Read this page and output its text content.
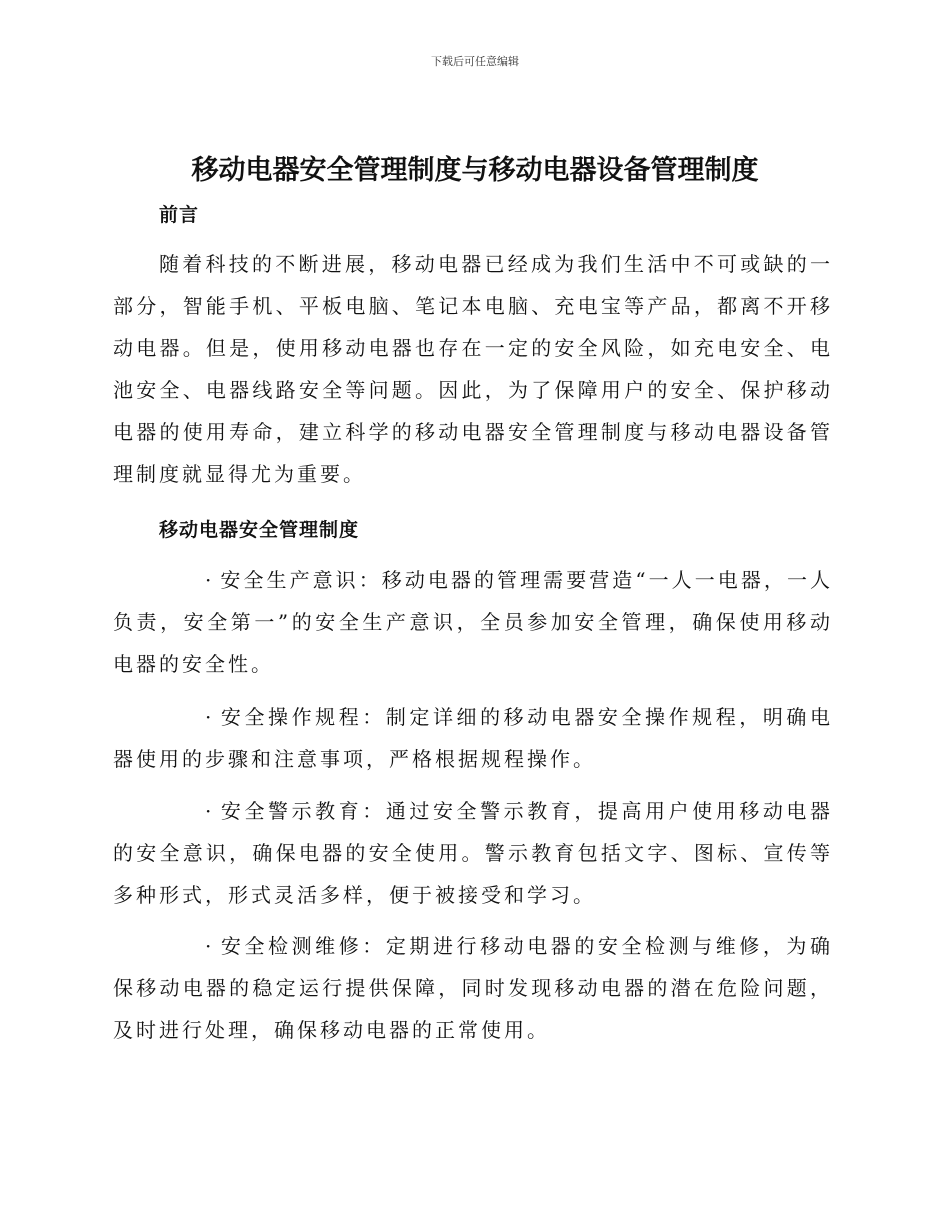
下载后可任意编辑
移动电器安全管理制度与移动电器设备管理制度

前言

随着科技的不断进展，移动电器已经成为我们生活中不可或缺的一部分，智能手机、平板电脑、笔记本电脑、充电宝等产品，都离不开移动电器。但是，使用移动电器也存在一定的安全风险，如充电安全、电池安全、电器线路安全等问题。因此，为了保障用户的安全、保护移动电器的使用寿命，建立科学的移动电器安全管理制度与移动电器设备管理制度就显得尤为重要。

移动电器安全管理制度

· 安全生产意识：移动电器的管理需要营造“一人一电器，一人负责，安全第一”的安全生产意识，全员参加安全管理，确保使用移动电器的安全性。

· 安全操作规程：制定详细的移动电器安全操作规程，明确电器使用的步骤和注意事项，严格根据规程操作。

· 安全警示教育：通过安全警示教育，提高用户使用移动电器的安全意识，确保电器的安全使用。警示教育包括文字、图标、宣传等多种形式，形式灵活多样，便于被接受和学习。

· 安全检测维修：定期进行移动电器的安全检测与维修，为确保移动电器的稳定运行提供保障，同时发现移动电器的潜在危险问题，及时进行处理，确保移动电器的正常使用。
